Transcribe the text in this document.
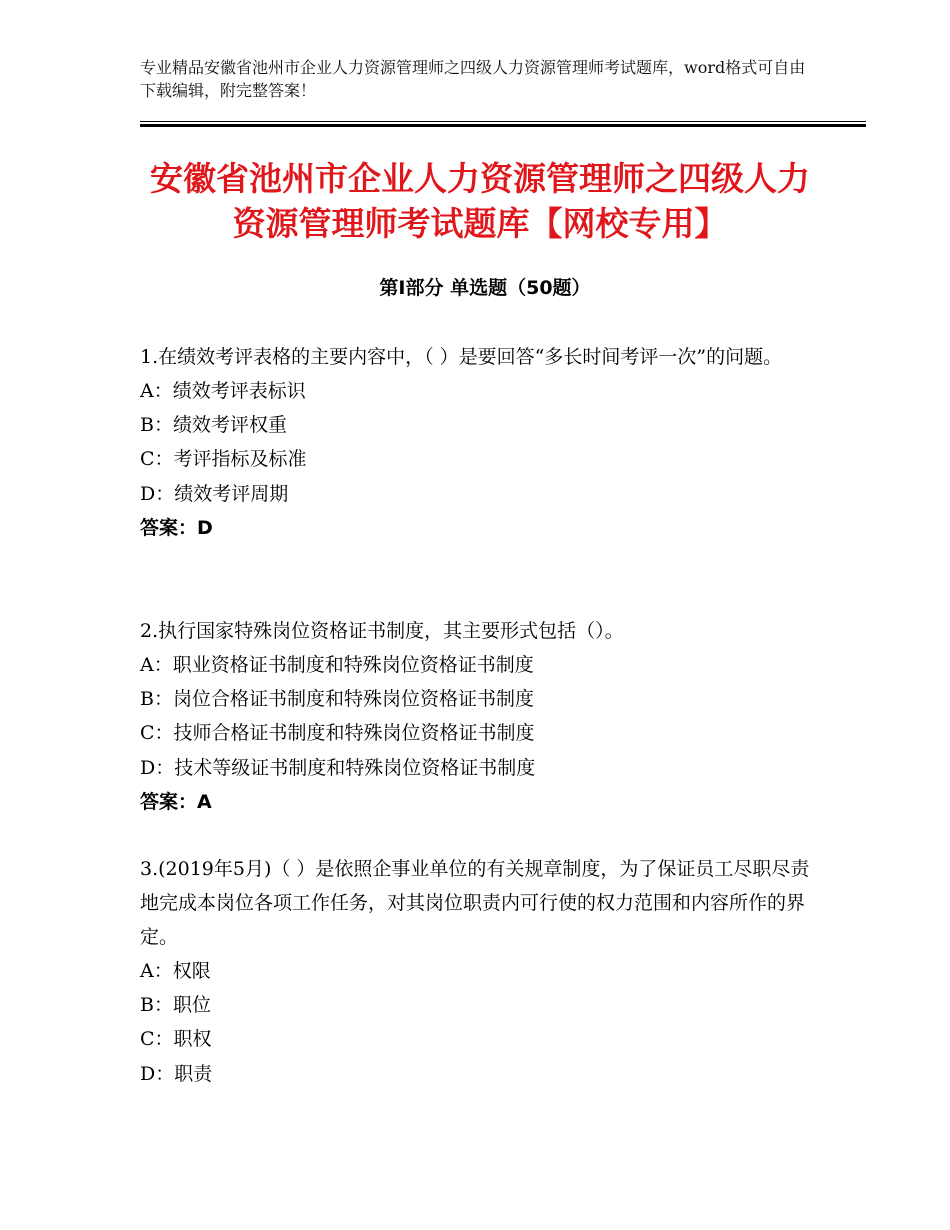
专业精品安徽省池州市企业人力资源管理师之四级人力资源管理师考试题库，word格式可自由下载编辑，附完整答案！
安徽省池州市企业人力资源管理师之四级人力资源管理师考试题库【网校专用】
第Ⅰ部分 单选题（50题）

1.在绩效考评表格的主要内容中，（ ）是要回答“多长时间考评一次”的问题。

A：绩效考评表标识

B：绩效考评权重

C：考评指标及标准

D：绩效考评周期

答案：D

2.执行国家特殊岗位资格证书制度，其主要形式包括（）。

A：职业资格证书制度和特殊岗位资格证书制度

B：岗位合格证书制度和特殊岗位资格证书制度

C：技师合格证书制度和特殊岗位资格证书制度

D：技术等级证书制度和特殊岗位资格证书制度

答案：A

3.(2019年5月)（ ）是依照企事业单位的有关规章制度，为了保证员工尽职尽责地完成本岗位各项工作任务，对其岗位职责内可行使的权力范围和内容所作的界定。

A：权限

B：职位

C：职权

D：职责
